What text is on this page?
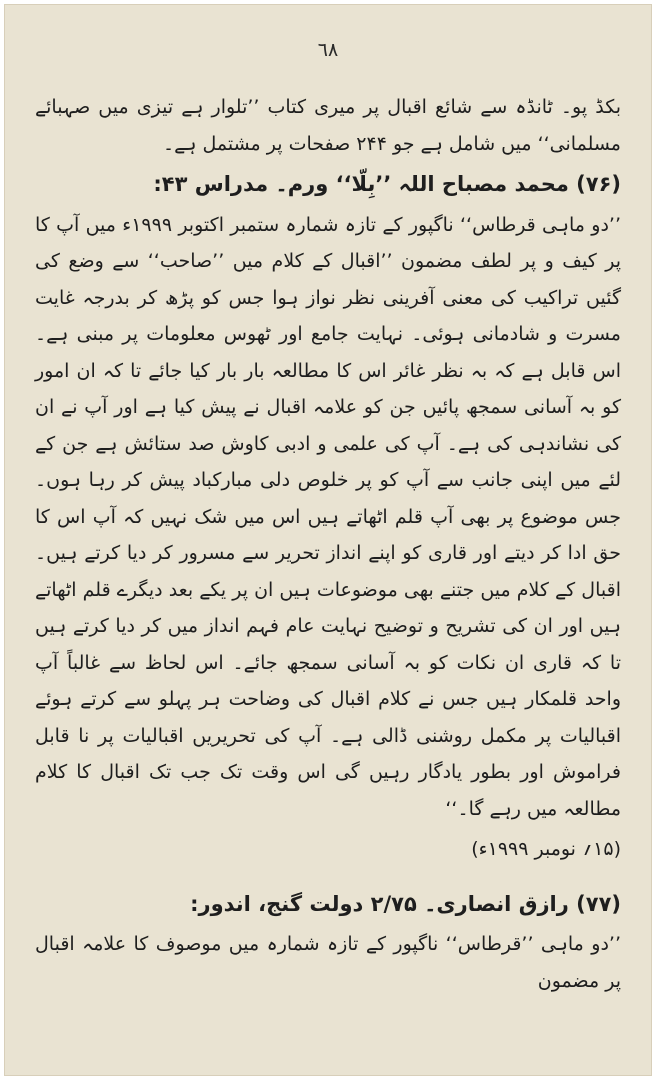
٦٨

بکڈ پو۔ ٹانڈہ سے شائع اقبال پر میری کتاب ’’تلوار ہے تیزی میں صہبائے مسلمانی‘‘ میں شامل ہے جو ۲۴۴ صفحات پر مشتمل ہے۔

(۷۶) محمد مصباح اللہ ’’بِلّا‘‘ ورم۔ مدراس ۴۳:

’’دو ماہی قرطاس‘‘ ناگپور کے تازہ شمارہ ستمبر اکتوبر ۱۹۹۹ء میں آپ کا پر کیف و پر لطف مضمون ’’اقبال کے کلام میں ’’صاحب‘‘ سے وضع کی گئیں تراکیب کی معنی آفرینی نظر نواز ہوا جس کو پڑھ کر بدرجہ غایت مسرت و شادمانی ہوئی۔ نہایت جامع اور ٹھوس معلومات پر مبنی ہے۔ اس قابل ہے کہ بہ نظر غائر اس کا مطالعہ بار بار کیا جائے تا کہ ان امور کو بہ آسانی سمجھ پائیں جن کو علامہ اقبال نے پیش کیا ہے اور آپ نے ان کی نشاندہی کی ہے۔ آپ کی علمی و ادبی کاوش صد ستائش ہے جن کے لئے میں اپنی جانب سے آپ کو پر خلوص دلی مبارکباد پیش کر رہا ہوں۔ جس موضوع پر بھی آپ قلم اٹھاتے ہیں اس میں شک نہیں کہ آپ اس کا حق ادا کر دیتے اور قاری کو اپنے انداز تحریر سے مسرور کر دیا کرتے ہیں۔ اقبال کے کلام میں جتنے بھی موضوعات ہیں ان پر یکے بعد دیگرے قلم اٹھاتے ہیں اور ان کی تشریح و توضیح نہایت عام فہم انداز میں کر دیا کرتے ہیں تا کہ قاری ان نکات کو بہ آسانی سمجھ جائے۔ اس لحاظ سے غالباً آپ واحد قلمکار ہیں جس نے کلام اقبال کی وضاحت ہر پہلو سے کرتے ہوئے اقبالیات پر مکمل روشنی ڈالی ہے۔ آپ کی تحریریں اقبالیات پر نا قابل فراموش اور بطور یادگار رہیں گی اس وقت تک جب تک اقبال کا کلام مطالعہ میں رہے گا۔‘‘

(۱۵؍ نومبر ۱۹۹۹ء)

(۷۷) رازق انصاری۔ ۲/۷۵ دولت گنج، اندور:

’’دو ماہی ’’قرطاس‘‘ ناگپور کے تازہ شمارہ میں موصوف کا علامہ اقبال پر مضمون
